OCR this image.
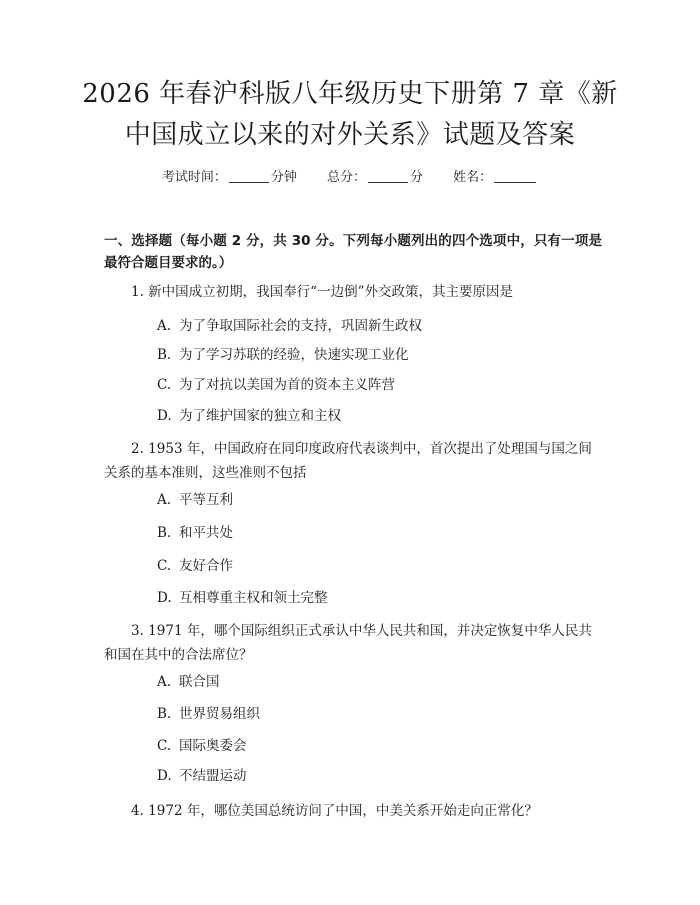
2026 年春沪科版八年级历史下册第 7 章《新
中国成立以来的对外关系》试题及答案
考试时间：	分钟 总分：	分 姓名：

一、选择题（每小题 2 分，共 30 分。下列每小题列出的四个选项中，只有一项是最符合题目要求的。）

1. 新中国成立初期，我国奉行“一边倒”外交政策，其主要原因是

A. 为了争取国际社会的支持，巩固新生政权
B. 为了学习苏联的经验，快速实现工业化
C. 为了对抗以美国为首的资本主义阵营
D. 为了维护国家的独立和主权

2. 1953 年，中国政府在同印度政府代表谈判中，首次提出了处理国与国之间关系的基本准则，这些准则不包括

A. 平等互利
B. 和平共处
C. 友好合作
D. 互相尊重主权和领土完整

3. 1971 年，哪个国际组织正式承认中华人民共和国，并决定恢复中华人民共和国在其中的合法席位？

A. 联合国
B. 世界贸易组织
C. 国际奥委会
D. 不结盟运动

4. 1972 年，哪位美国总统访问了中国，中美关系开始走向正常化？
